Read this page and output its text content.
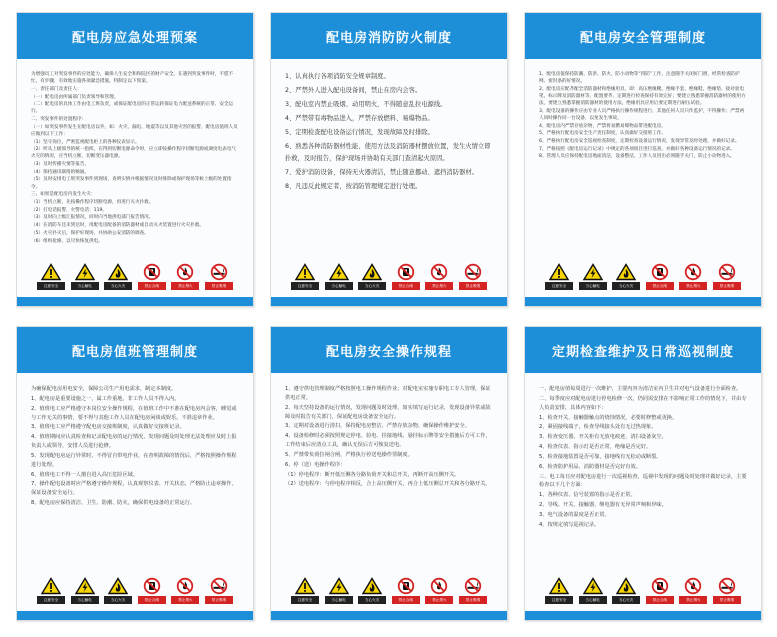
配电房应急处理预案

为增强员工对突发事件的应处能力，确保人生安全和和院区的财产安全，在遇到突发事件时，不慌不忙，有步骤，有效地实施各项紧急措施。特制定以下预案。

一、责任部门及责任人：

（一）配电房由所属部门负责领导和管理。

（二）配电房的具体工作由电工班负责，或保证配电房的正常运转保证电力配送系统的正常、安全运行。

二、突发事件的处置程序：

（一）如突发事件发生在配电房以外，如：火灾、漏电、地震等以及其他灾害的报警，配电房值班人员应做到以下工作：

（1）坚守岗位，严密监视配电柜上的各种仪表显示。

（2）听从上级领导的统一指挥，在得到切断电源命令时，应立即按操作程序切断电源或调度电表电气火灾的情况，应当机立断，切断变压器电源。

（3）及时传播灾情等报告。

（4）保持通讯联络的畅通。

（5）及时安排电工班突发事件到现场，查明实情并根据情况及时排除或保护现场等候上级的处置指令。

三、如果是配电房内发生火灾：

（1）当机立断，先按操作程序切断电源，再进行灭火扑救。

（2）打电话报警，火警电话：119。

（3）及时向上级汇报情况，同时向当地供电部门报告情况。

（4）在消防车还未到达时，用配电房配备的消防器材或自动灭火装置进行火灾扑救。

（5）火灾扑灭后，保护好现场，并协助公安消防的调查。

（6）组织抢修，以尽快恢复供电。

注意安全	当心触电	当心火灾	禁止合闸	禁止烟火	禁止吸烟
配电房消防防火制度

1、认真执行各项消防安全规章制度。

2、严禁外人进入配电设备间，禁止在房内会客。

3、配电室内禁止吸烟、动用明火，不得随意乱拉电源线。

4、严禁带有毒物品进入，严禁存放燃料、易爆物品。

5、定期检查配电设备运行情况，发现故障及时排除。

6、熟悉各种消防器材性能、使用方法及消防器材摆放位置，发生火情立即扑救，及时报告，保护现场并协助有关部门查清起火原因。

7、爱护消防设备，保持无火器清洁，禁止随意挪动、遮挡消防器材。

8、凡违反此规定者，按消防管理规定进行处理。

注意安全	当心触电	当心火灾	禁止合闸	禁止烟火	禁止吸烟
配电房安全管理制度

1、配电房值保持防潮、防洪、防火、防小动物等“四防”工作，注意随手关闭好门窗，经常检查防护网、密封条的好情况。

2、配电房应配齐配全消防器材和绝缘用具，即：高压绝缘靴、绝缘手套、绝缘鞋、绝缘垫、接对验电笔、标示牌及消防器材等，配置要齐、定期进行检查保持有效完好；要建立熟悉掌握消防器材的使用方法，要建立熟悉掌握消防器材的使用方法，绝缘用具应用后要定期进行耐压试验。

3、配电设备的操作应由专业人员严格执行操作规程进行，其他任何人员只作监护，不得操作；严禁两人同时操作同一台设备，以免发生事故。

4、配电房内严禁存放杂物，严禁将易燃易爆物品带进配电房。

5、严格执行配电房安全生产责任制度，认真做好交接班工作。

6、严格执行配电房安全巡视检查制度，定期检查设备运行情况，发现异常及时处理，并做好记录。

7、严格按照《配电房运行记录》中规定的各项项目进行巡查，并做好各种设备运行情况的记录。

8、管理人员应保持配电房地面清洁，设备整洁，工作人员进出必须随手关门，防止小动物进入。

注意安全	当心触电	当心火灾	禁止合闸	禁止烟火	禁止吸烟
配电房值班管理制度

为确保配电房用电安全，保障公司生产用电需求，制定本制度。

1、配电房是重要设施之一，属工作重地，非工作人员不得入内。

2、值班电工应严格遵守本岗位安全操作规程，在值班工作中不准在配电房内会客，睡觉或与工作无关的事情，要不得与其他工作人员在配电房闲谈或娱乐。不准违章作业。

3、值班电工应严格遵守配电房交接班制度，认真做好交接班记录。

4、值班期间应认真检查和记录配电房的运行情况，发现问题及时处理无法处理应及时上报负责人或领导，安排人员进行抢修。

5、发现配电房运行异常时，不得冒自带电作业，在查明故障的情况后，严格按照操作规程进行处理。

6、值班电工不得一人擅自进入高压危险区域。

7、操作配电设备时应严格遵守操作规程，认真观察仪表、开关状态，严格防止违章操作，保证设备安全运行。

8、配电房应保持清洁、卫生、防潮、防火，确保供电设备的正常运行。

注意安全	当心触电	当心火灾	禁止合闸	禁止烟火	禁止吸烟
配电房安全操作规程

1、遵守供电管理制度严格按照电工操作规程作业；对配电室实施专职电工专人管理，保证供电正常。

2、每天坚持设备的运行情况，发现问题及时处理，如实填写运行记录，发现设备异常或故障及时报告有关部门，保证配电房设备安全运行。

3、定期对设备进行清扫，保持配电房整洁、严禁存放杂物，确保操作维护安全。

4、设备检修时必须按照规定停电、验电、挂接地线、悬挂标示牌等安全措施后方可工作，工作结束后应清点工具，确认无误后方可恢复送电。

5、严禁带负荷拉闸合闸，严格执行停送电操作票制度。

6、停（送）电操作程序：

（1）停电程序：断开低压侧各分路负荷开关和总开关，再断开高压侧开关。

（2）送电程序：与停电程序相反，合上高压侧开关，再合上低压侧总开关和各分路开关。

注意安全	当心触电	当心火灾	禁止合闸	禁止烟火	禁止吸烟
定期检查维护及日常巡视制度

一、配电房值每周进行一次维护，主要内容为清洁室内卫生并对电气设备进行全面检查。

二、每季度应对配电房进行停电检修一次，仍同需安排在不影响正常工作的情况下，并由专人负责安排，具体内容如下：

1、检查开关、接触器触点的烧蚀情况，必要时修整或更换。

2、紧固接线端子，检查导线接头处有无过热现象。

3、检查变压器、开关柜有无放电痕迹，清扫设备灰尘。

4、检查仪表、指示灯是否正常，绝缘是否完好。

5、检查接地装置是否可靠，接地线有无松动或断裂。

6、检查防护用品、消防器材是否完好有效。

三、电工每日应对配电房进行一次巡视检查，巡视中发现的问题及时处理并做好记录，主要检查以下几个方面：

1、各种仪表、信号装置的指示是否正常。

2、导线、开关、接触器、继电器有无异常声响和异味。

3、电气设备的温度是否正常。

4、按规定填写巡视记录。

注意安全	当心触电	当心火灾	禁止合闸	禁止烟火	禁止吸烟
